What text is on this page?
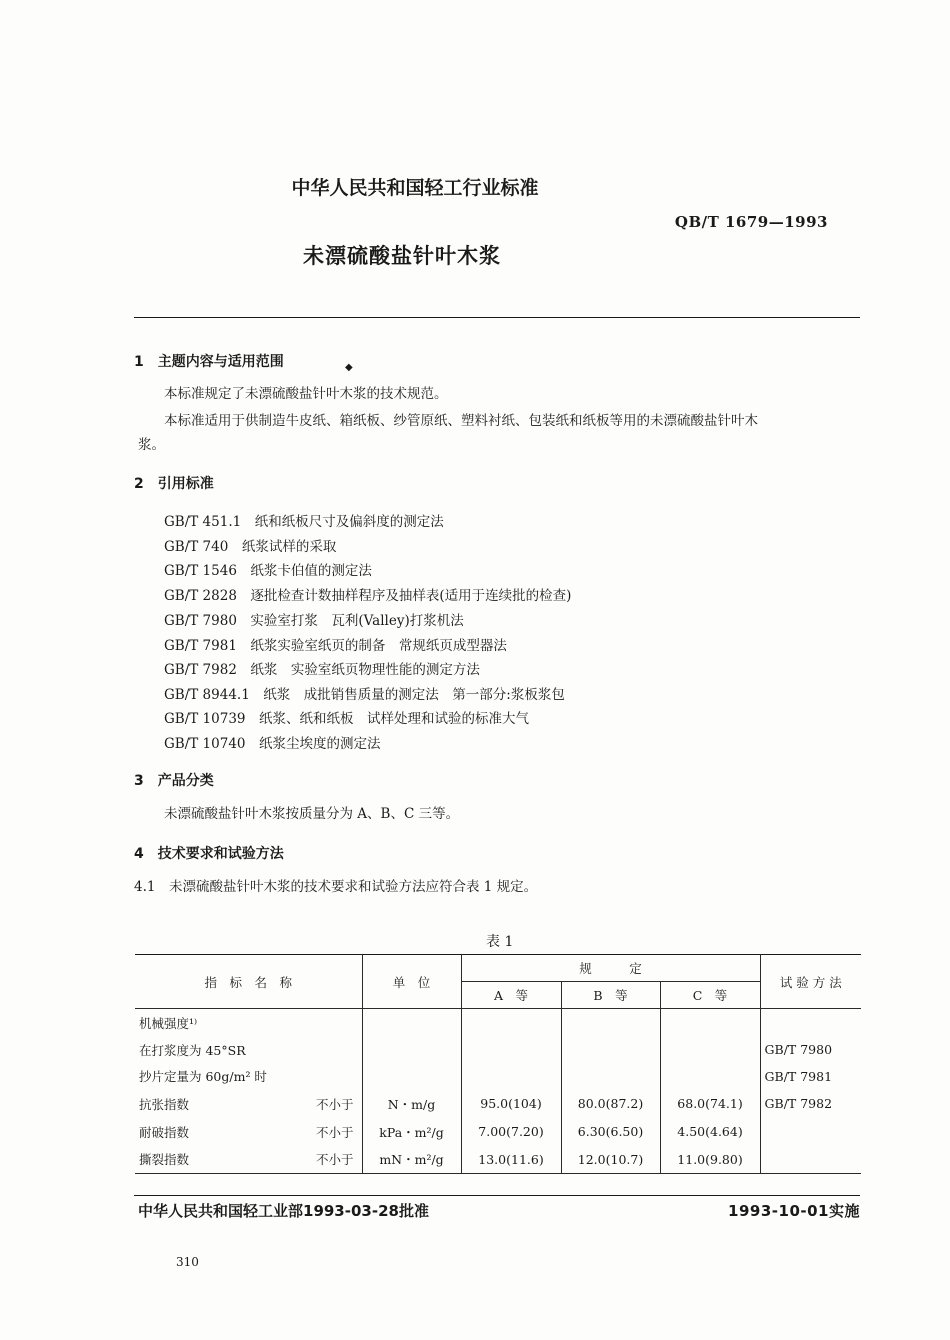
中华人民共和国轻工行业标准
QB/T 1679—1993
未漂硫酸盐针叶木浆
◆
1　主题内容与适用范围
本标准规定了未漂硫酸盐针叶木浆的技术规范。
本标准适用于供制造牛皮纸、箱纸板、纱管原纸、塑料衬纸、包装纸和纸板等用的未漂硫酸盐针叶木
浆。
2　引用标准
GB/T 451.1　纸和纸板尺寸及偏斜度的测定法
GB/T 740　纸浆试样的采取
GB/T 1546　纸浆卡伯值的测定法
GB/T 2828　逐批检查计数抽样程序及抽样表(适用于连续批的检查)
GB/T 7980　实验室打浆　瓦利(Valley)打浆机法
GB/T 7981　纸浆实验室纸页的制备　常规纸页成型器法
GB/T 7982　纸浆　实验室纸页物理性能的测定方法
GB/T 8944.1　纸浆　成批销售质量的测定法　第一部分:浆板浆包
GB/T 10739　纸浆、纸和纸板　试样处理和试验的标准大气
GB/T 10740　纸浆尘埃度的测定法
3　产品分类
未漂硫酸盐针叶木浆按质量分为 A、B、C 三等。
4　技术要求和试验方法
4.1　未漂硫酸盐针叶木浆的技术要求和试验方法应符合表 1 规定。
表 1
指　标　名　称	单　位	规　　　定			试 验 方 法
		A　等	B　等	C　等	
机械强度¹⁾

在打浆度为 45°SR					GB/T 7980
抄片定量为 60g/m² 时					GB/T 7981
抗张指数 不小于	N・m/g	95.0(104)	80.0(87.2)	68.0(74.1)	GB/T 7982
耐破指数 不小于	kPa・m²/g	7.00(7.20)	6.30(6.50)	4.50(4.64)	
撕裂指数 不小于	mN・m²/g	13.0(11.6)	12.0(10.7)	11.0(9.80)	
中华人民共和国轻工业部1993-03-28批准	1993-10-01实施
310
